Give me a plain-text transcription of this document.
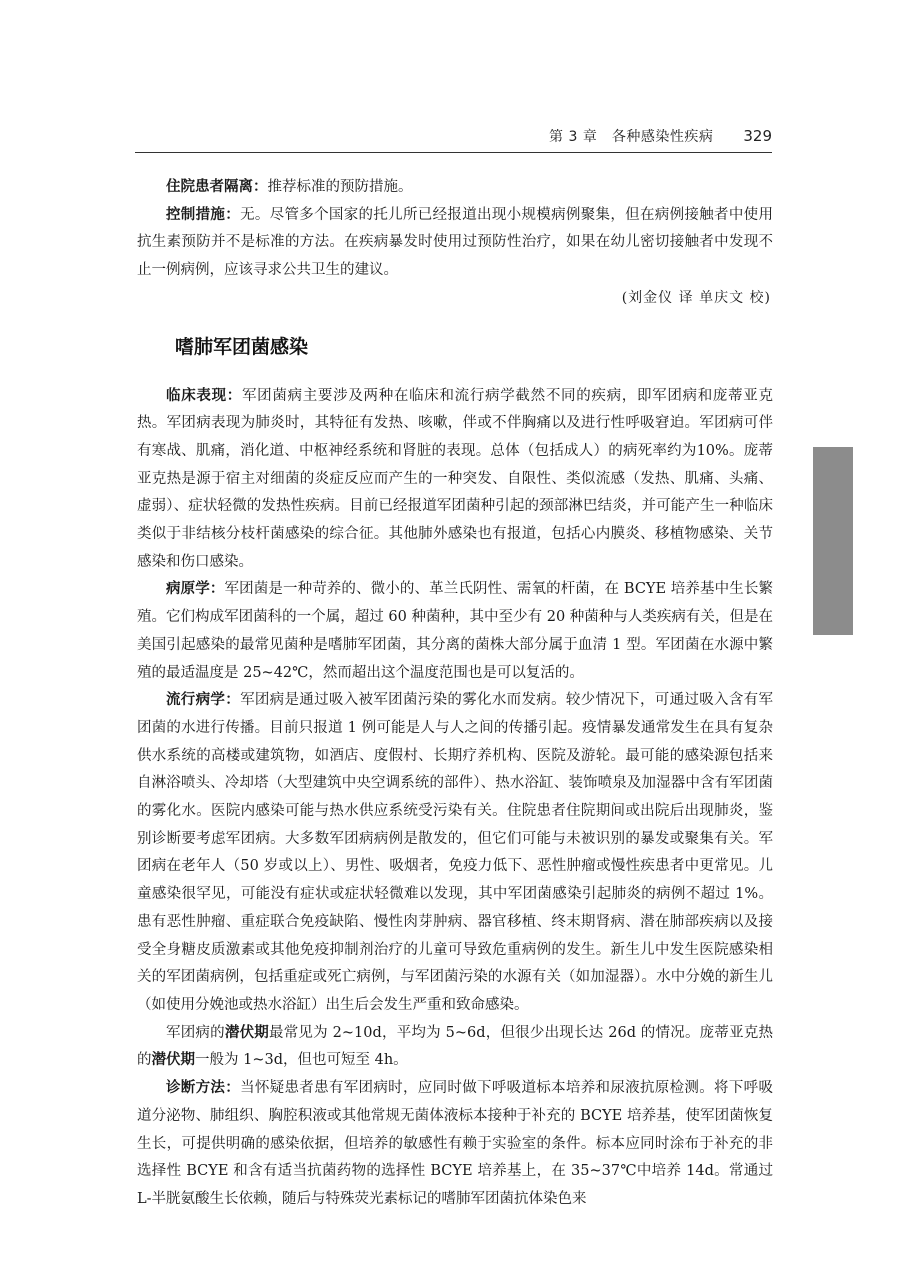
第 3 章　各种感染性疾病 329

住院患者隔离：推荐标准的预防措施。

控制措施：无。尽管多个国家的托儿所已经报道出现小规模病例聚集，但在病例接触者中使用抗生素预防并不是标准的方法。在疾病暴发时使用过预防性治疗，如果在幼儿密切接触者中发现不止一例病例，应该寻求公共卫生的建议。

(刘金仪 译 单庆文 校)

嗜肺军团菌感染

临床表现：军团菌病主要涉及两种在临床和流行病学截然不同的疾病，即军团病和庞蒂亚克热。军团病表现为肺炎时，其特征有发热、咳嗽，伴或不伴胸痛以及进行性呼吸窘迫。军团病可伴有寒战、肌痛，消化道、中枢神经系统和肾脏的表现。总体（包括成人）的病死率约为10%。庞蒂亚克热是源于宿主对细菌的炎症反应而产生的一种突发、自限性、类似流感（发热、肌痛、头痛、虚弱）、症状轻微的发热性疾病。目前已经报道军团菌种引起的颈部淋巴结炎，并可能产生一种临床类似于非结核分枝杆菌感染的综合征。其他肺外感染也有报道，包括心内膜炎、移植物感染、关节感染和伤口感染。

病原学：军团菌是一种苛养的、微小的、革兰氏阴性、需氧的杆菌，在 BCYE 培养基中生长繁殖。它们构成军团菌科的一个属，超过 60 种菌种，其中至少有 20 种菌种与人类疾病有关，但是在美国引起感染的最常见菌种是嗜肺军团菌，其分离的菌株大部分属于血清 1 型。军团菌在水源中繁殖的最适温度是 25~42℃，然而超出这个温度范围也是可以复活的。

流行病学：军团病是通过吸入被军团菌污染的雾化水而发病。较少情况下，可通过吸入含有军团菌的水进行传播。目前只报道 1 例可能是人与人之间的传播引起。疫情暴发通常发生在具有复杂供水系统的高楼或建筑物，如酒店、度假村、长期疗养机构、医院及游轮。最可能的感染源包括来自淋浴喷头、冷却塔（大型建筑中央空调系统的部件）、热水浴缸、装饰喷泉及加湿器中含有军团菌的雾化水。医院内感染可能与热水供应系统受污染有关。住院患者住院期间或出院后出现肺炎，鉴别诊断要考虑军团病。大多数军团病病例是散发的，但它们可能与未被识别的暴发或聚集有关。军团病在老年人（50 岁或以上）、男性、吸烟者，免疫力低下、恶性肿瘤或慢性疾患者中更常见。儿童感染很罕见，可能没有症状或症状轻微难以发现，其中军团菌感染引起肺炎的病例不超过 1%。患有恶性肿瘤、重症联合免疫缺陷、慢性肉芽肿病、器官移植、终末期肾病、潜在肺部疾病以及接受全身糖皮质激素或其他免疫抑制剂治疗的儿童可导致危重病例的发生。新生儿中发生医院感染相关的军团菌病例，包括重症或死亡病例，与军团菌污染的水源有关（如加湿器）。水中分娩的新生儿（如使用分娩池或热水浴缸）出生后会发生严重和致命感染。

军团病的潜伏期最常见为 2~10d，平均为 5~6d，但很少出现长达 26d 的情况。庞蒂亚克热的潜伏期一般为 1~3d，但也可短至 4h。

诊断方法：当怀疑患者患有军团病时，应同时做下呼吸道标本培养和尿液抗原检测。将下呼吸道分泌物、肺组织、胸腔积液或其他常规无菌体液标本接种于补充的 BCYE 培养基，使军团菌恢复生长，可提供明确的感染依据，但培养的敏感性有赖于实验室的条件。标本应同时涂布于补充的非选择性 BCYE 和含有适当抗菌药物的选择性 BCYE 培养基上，在 35~37℃中培养 14d。常通过 L-半胱氨酸生长依赖，随后与特殊荧光素标记的嗜肺军团菌抗体染色来
